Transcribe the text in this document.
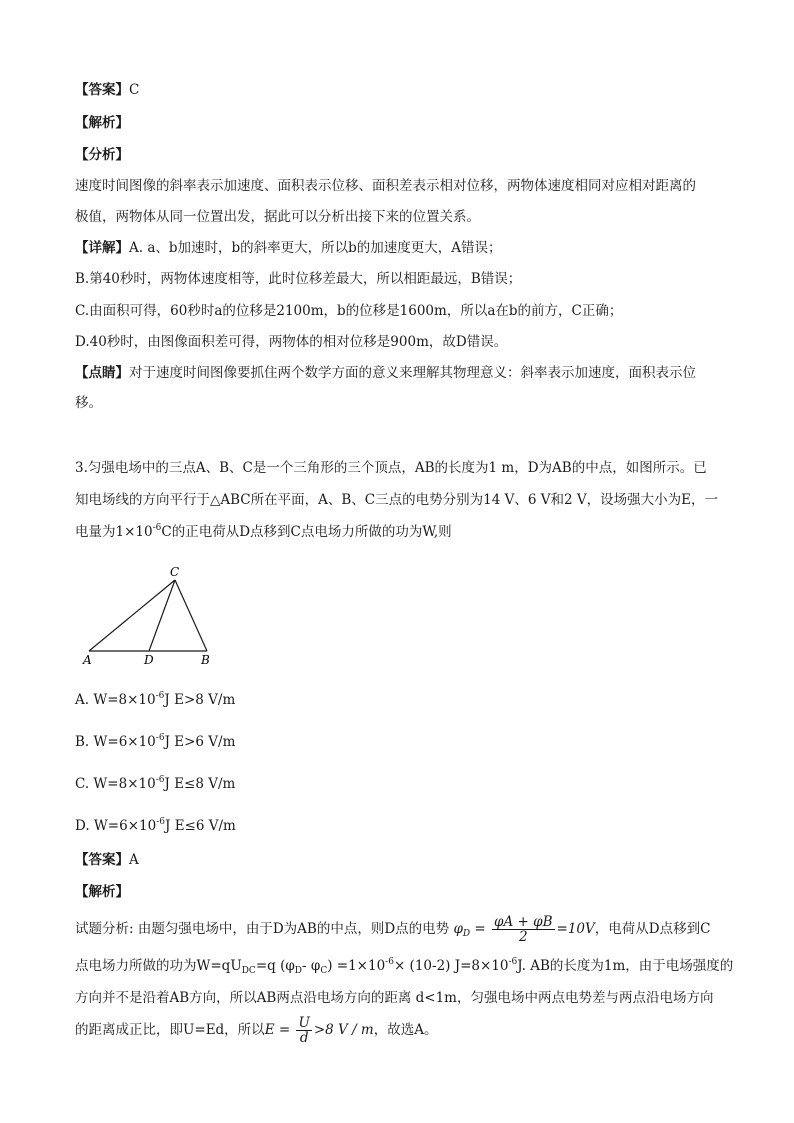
【答案】C
【解析】
【分析】
速度时间图像的斜率表示加速度、面积表示位移、面积差表示相对位移，两物体速度相同对应相对距离的
极值，两物体从同一位置出发，据此可以分析出接下来的位置关系。
【详解】A. a、b加速时，b的斜率更大，所以b的加速度更大，A错误；
B.第40秒时，两物体速度相等，此时位移差最大，所以相距最远，B错误；
C.由面积可得，60秒时a的位移是2100m，b的位移是1600m，所以a在b的前方，C正确；
D.40秒时，由图像面积差可得，两物体的相对位移是900m，故D错误。
【点睛】对于速度时间图像要抓住两个数学方面的意义来理解其物理意义：斜率表示加速度，面积表示位
移。
3.匀强电场中的三点A、B、C是一个三角形的三个顶点，AB的长度为1 m，D为AB的中点，如图所示。已
知电场线的方向平行于△ABC所在平面，A、B、C三点的电势分别为14 V、6 V和2 V，设场强大小为E，一
电量为$1\times 10^{-6}C$的正电荷从D点移到C点电场力所做的功为W,则
A	D	B
C
A. $W=8\times 10^{-6}J$ E>8 V/m
B. $W=6\times 10^{-6}J$ E>6 V/m
C. $W=8\times 10^{-6}J$ E≤8 V/m
D. $W=6\times 10^{-6}J$ E≤6 V/m
【答案】A
【解析】
试题分析: 由题匀强电场中，由于D为AB的中点，则D点的电势 $\varphi_D = \frac{\varphi A + \varphi B}{2} =10V$，电荷从D点移到C
点电场力所做的功为$W=qU_{DC}=q$ ($\varphi_D-$ $\varphi_C) =1\times 10^{-6}\times (10-2)$ $J=8\times 10^{-6}J$. AB的长度为1m，由于电场强度的
方向并不是沿着AB方向，所以AB两点沿电场方向的距离 d<1m，匀强电场中两点电势差与两点沿电场方向
的距离成正比，即U=Ed，所以$E = \frac{U}{d} >8$ V / m，故选A。
